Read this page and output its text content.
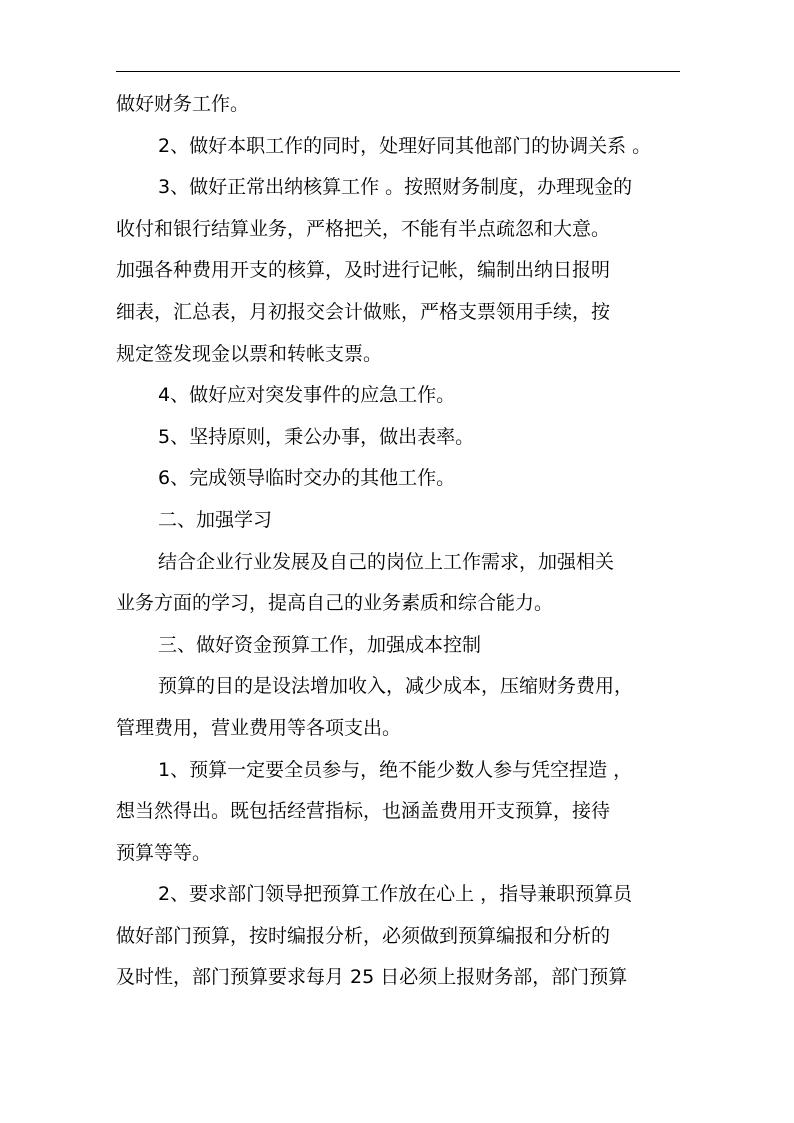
做好财务工作。
2、做好本职工作的同时，处理好同其他部门的协调关系 。
3、做好正常出纳核算工作 。按照财务制度，办理现金的
收付和银行结算业务，严格把关，不能有半点疏忽和大意。
加强各种费用开支的核算，及时进行记帐，编制出纳日报明
细表，汇总表，月初报交会计做账，严格支票领用手续，按
规定签发现金以票和转帐支票。
4、做好应对突发事件的应急工作。
5、坚持原则，秉公办事，做出表率。
6、完成领导临时交办的其他工作。
二、加强学习
结合企业行业发展及自己的岗位上工作需求，加强相关
业务方面的学习，提高自己的业务素质和综合能力。
三、做好资金预算工作，加强成本控制
预算的目的是设法增加收入，减少成本，压缩财务费用，
管理费用，营业费用等各项支出。
1、预算一定要全员参与，绝不能少数人参与凭空捏造 ，
想当然得出。既包括经营指标，也涵盖费用开支预算，接待
预算等等。
2、要求部门领导把预算工作放在心上 ，指导兼职预算员
做好部门预算，按时编报分析，必须做到预算编报和分析的
及时性，部门预算要求每月 25 日必须上报财务部，部门预算
